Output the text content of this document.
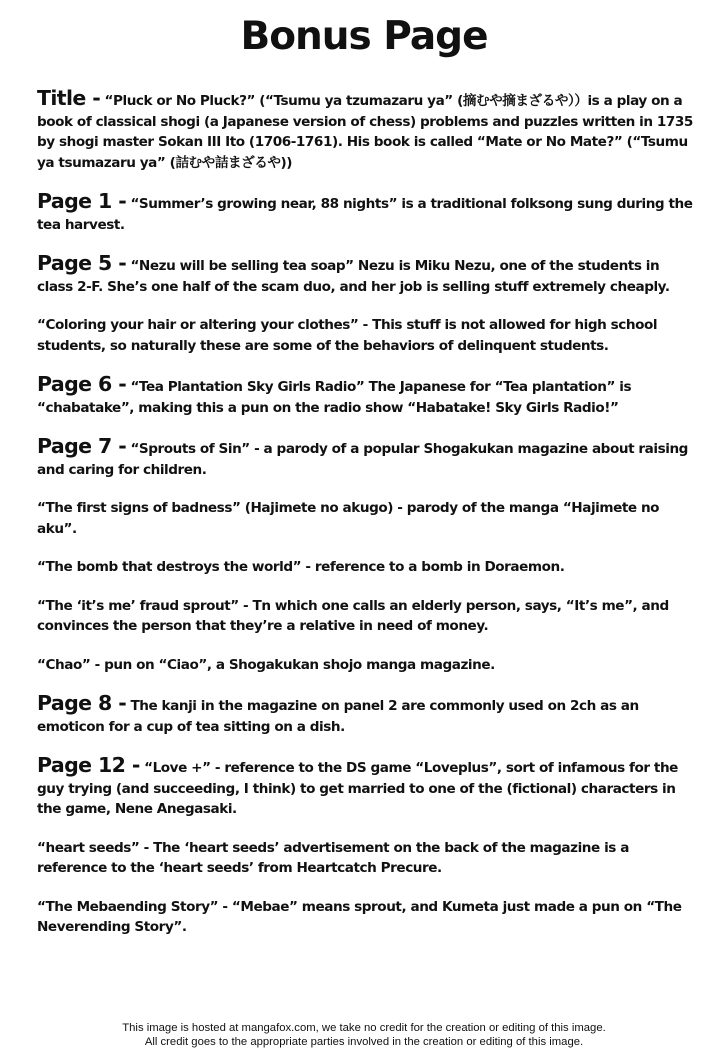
Bonus Page

Title - “Pluck or No Pluck?” (“Tsumu ya tzumazaru ya” (摘むや摘まざるや））is a play on a book of classical shogi (a Japanese version of chess) problems and puzzles written in 1735 by shogi master Sokan III Ito (1706-1761). His book is called “Mate or No Mate?” (“Tsumu ya tsumazaru ya” (詰むや詰まざるや))

Page 1 - “Summer’s growing near, 88 nights” is a traditional folksong sung during the tea harvest.

Page 5 - “Nezu will be selling tea soap” Nezu is Miku Nezu, one of the students in class 2-F. She’s one half of the scam duo, and her job is selling stuff extremely cheaply.

“Coloring your hair or altering your clothes” - This stuff is not allowed for high school students, so naturally these are some of the behaviors of delinquent students.

Page 6 - “Tea Plantation Sky Girls Radio” The Japanese for “Tea plantation” is “chabatake”, making this a pun on the radio show “Habatake! Sky Girls Radio!”

Page 7 - “Sprouts of Sin” - a parody of a popular Shogakukan magazine about raising and caring for children.

“The first signs of badness” (Hajimete no akugo) - parody of the manga “Hajimete no aku”.

“The bomb that destroys the world” - reference to a bomb in Doraemon.

“The ‘it’s me’ fraud sprout” - Tn which one calls an elderly person, says, “It’s me”, and convinces the person that they’re a relative in need of money.

“Chao” - pun on “Ciao”, a Shogakukan shojo manga magazine.

Page 8 - The kanji in the magazine on panel 2 are commonly used on 2ch as an emoticon for a cup of tea sitting on a dish.

Page 12 - “Love +” - reference to the DS game “Loveplus”, sort of infamous for the guy trying (and succeeding, I think) to get married to one of the (fictional) characters in the game, Nene Anegasaki.

“heart seeds” - The ‘heart seeds’ advertisement on the back of the magazine is a reference to the ‘heart seeds’ from Heartcatch Precure.

“The Mebaending Story” - “Mebae” means sprout, and Kumeta just made a pun on “The Neverending Story”.

This image is hosted at mangafox.com, we take no credit for the creation or editing of this image.
All credit goes to the appropriate parties involved in the creation or editing of this image.
